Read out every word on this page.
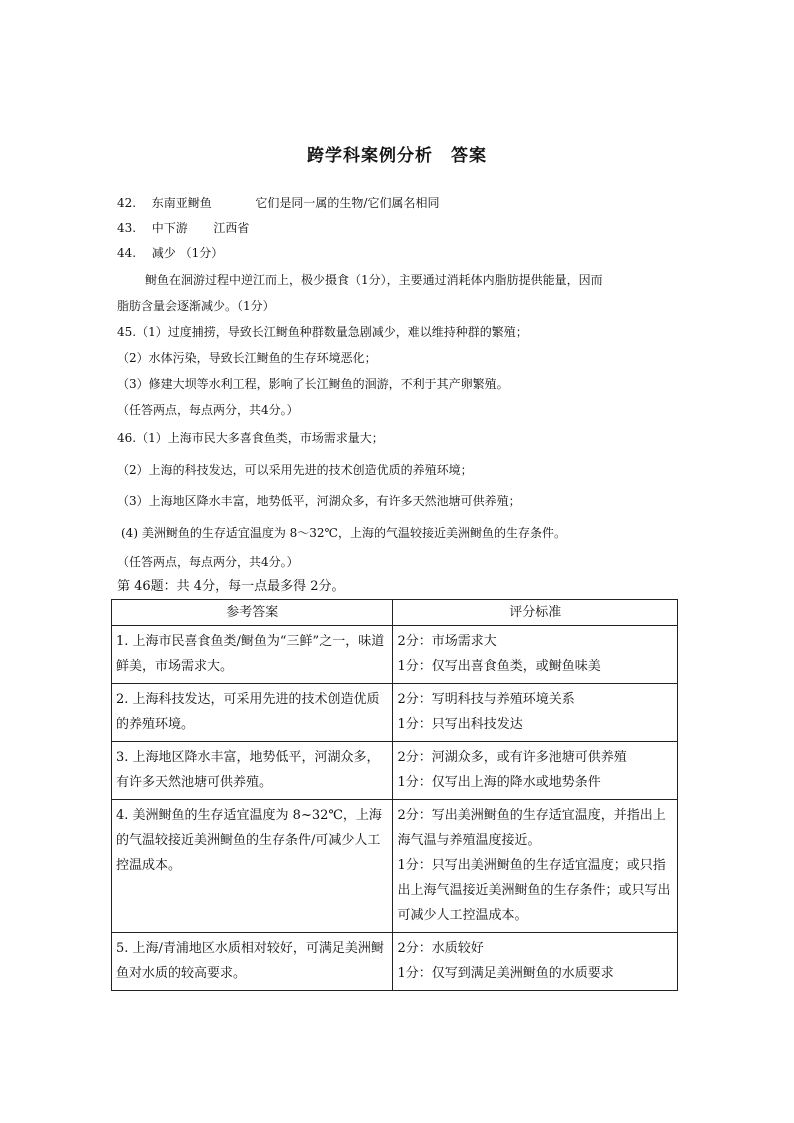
跨学科案例分析　答案
42. 东南亚鲥鱼	它们是同一属的生物/它们属名相同
43. 中下游 江西省
44. 减少 （1分）
鲥鱼在洄游过程中逆江而上，极少摄食（1分），主要通过消耗体内脂肪提供能量，因而
脂肪含量会逐渐减少。（1分）
45.（1）过度捕捞，导致长江鲥鱼种群数量急剧减少，难以维持种群的繁殖；
（2）水体污染，导致长江鲥鱼的生存环境恶化；
（3）修建大坝等水利工程，影响了长江鲥鱼的洄游，不利于其产卵繁殖。
（任答两点，每点两分，共4分。）
46.（1）上海市民大多喜食鱼类，市场需求量大；
（2）上海的科技发达，可以采用先进的技术创造优质的养殖环境；
（3）上海地区降水丰富，地势低平，河湖众多，有许多天然池塘可供养殖；
(4) 美洲鲥鱼的生存适宜温度为 8～32℃，上海的气温较接近美洲鲥鱼的生存条件。
（任答两点，每点两分，共4分。）
第 46题：共 4分，每一点最多得 2分。
参考答案	评分标准
1. 上海市民喜食鱼类/鲥鱼为“三鲜”之一，味道鲜美，市场需求大。	2分：市场需求大
1分：仅写出喜食鱼类，或鲥鱼味美

2. 上海科技发达，可采用先进的技术创造优质的养殖环境。	2分：写明科技与养殖环境关系
1分：只写出科技发达

3. 上海地区降水丰富，地势低平，河湖众多，有许多天然池塘可供养殖。	2分：河湖众多，或有许多池塘可供养殖
1分：仅写出上海的降水或地势条件

4. 美洲鲥鱼的生存适宜温度为 8~32℃，上海的气温较接近美洲鲥鱼的生存条件/可减少人工控温成本。	2分：写出美洲鲥鱼的生存适宜温度，并指出上海气温与养殖温度接近。
1分：只写出美洲鲥鱼的生存适宜温度；或只指出上海气温接近美洲鲥鱼的生存条件；或只写出可减少人工控温成本。

5. 上海/青浦地区水质相对较好，可满足美洲鲥鱼对水质的较高要求。	2分：水质较好
1分：仅写到满足美洲鲥鱼的水质要求
